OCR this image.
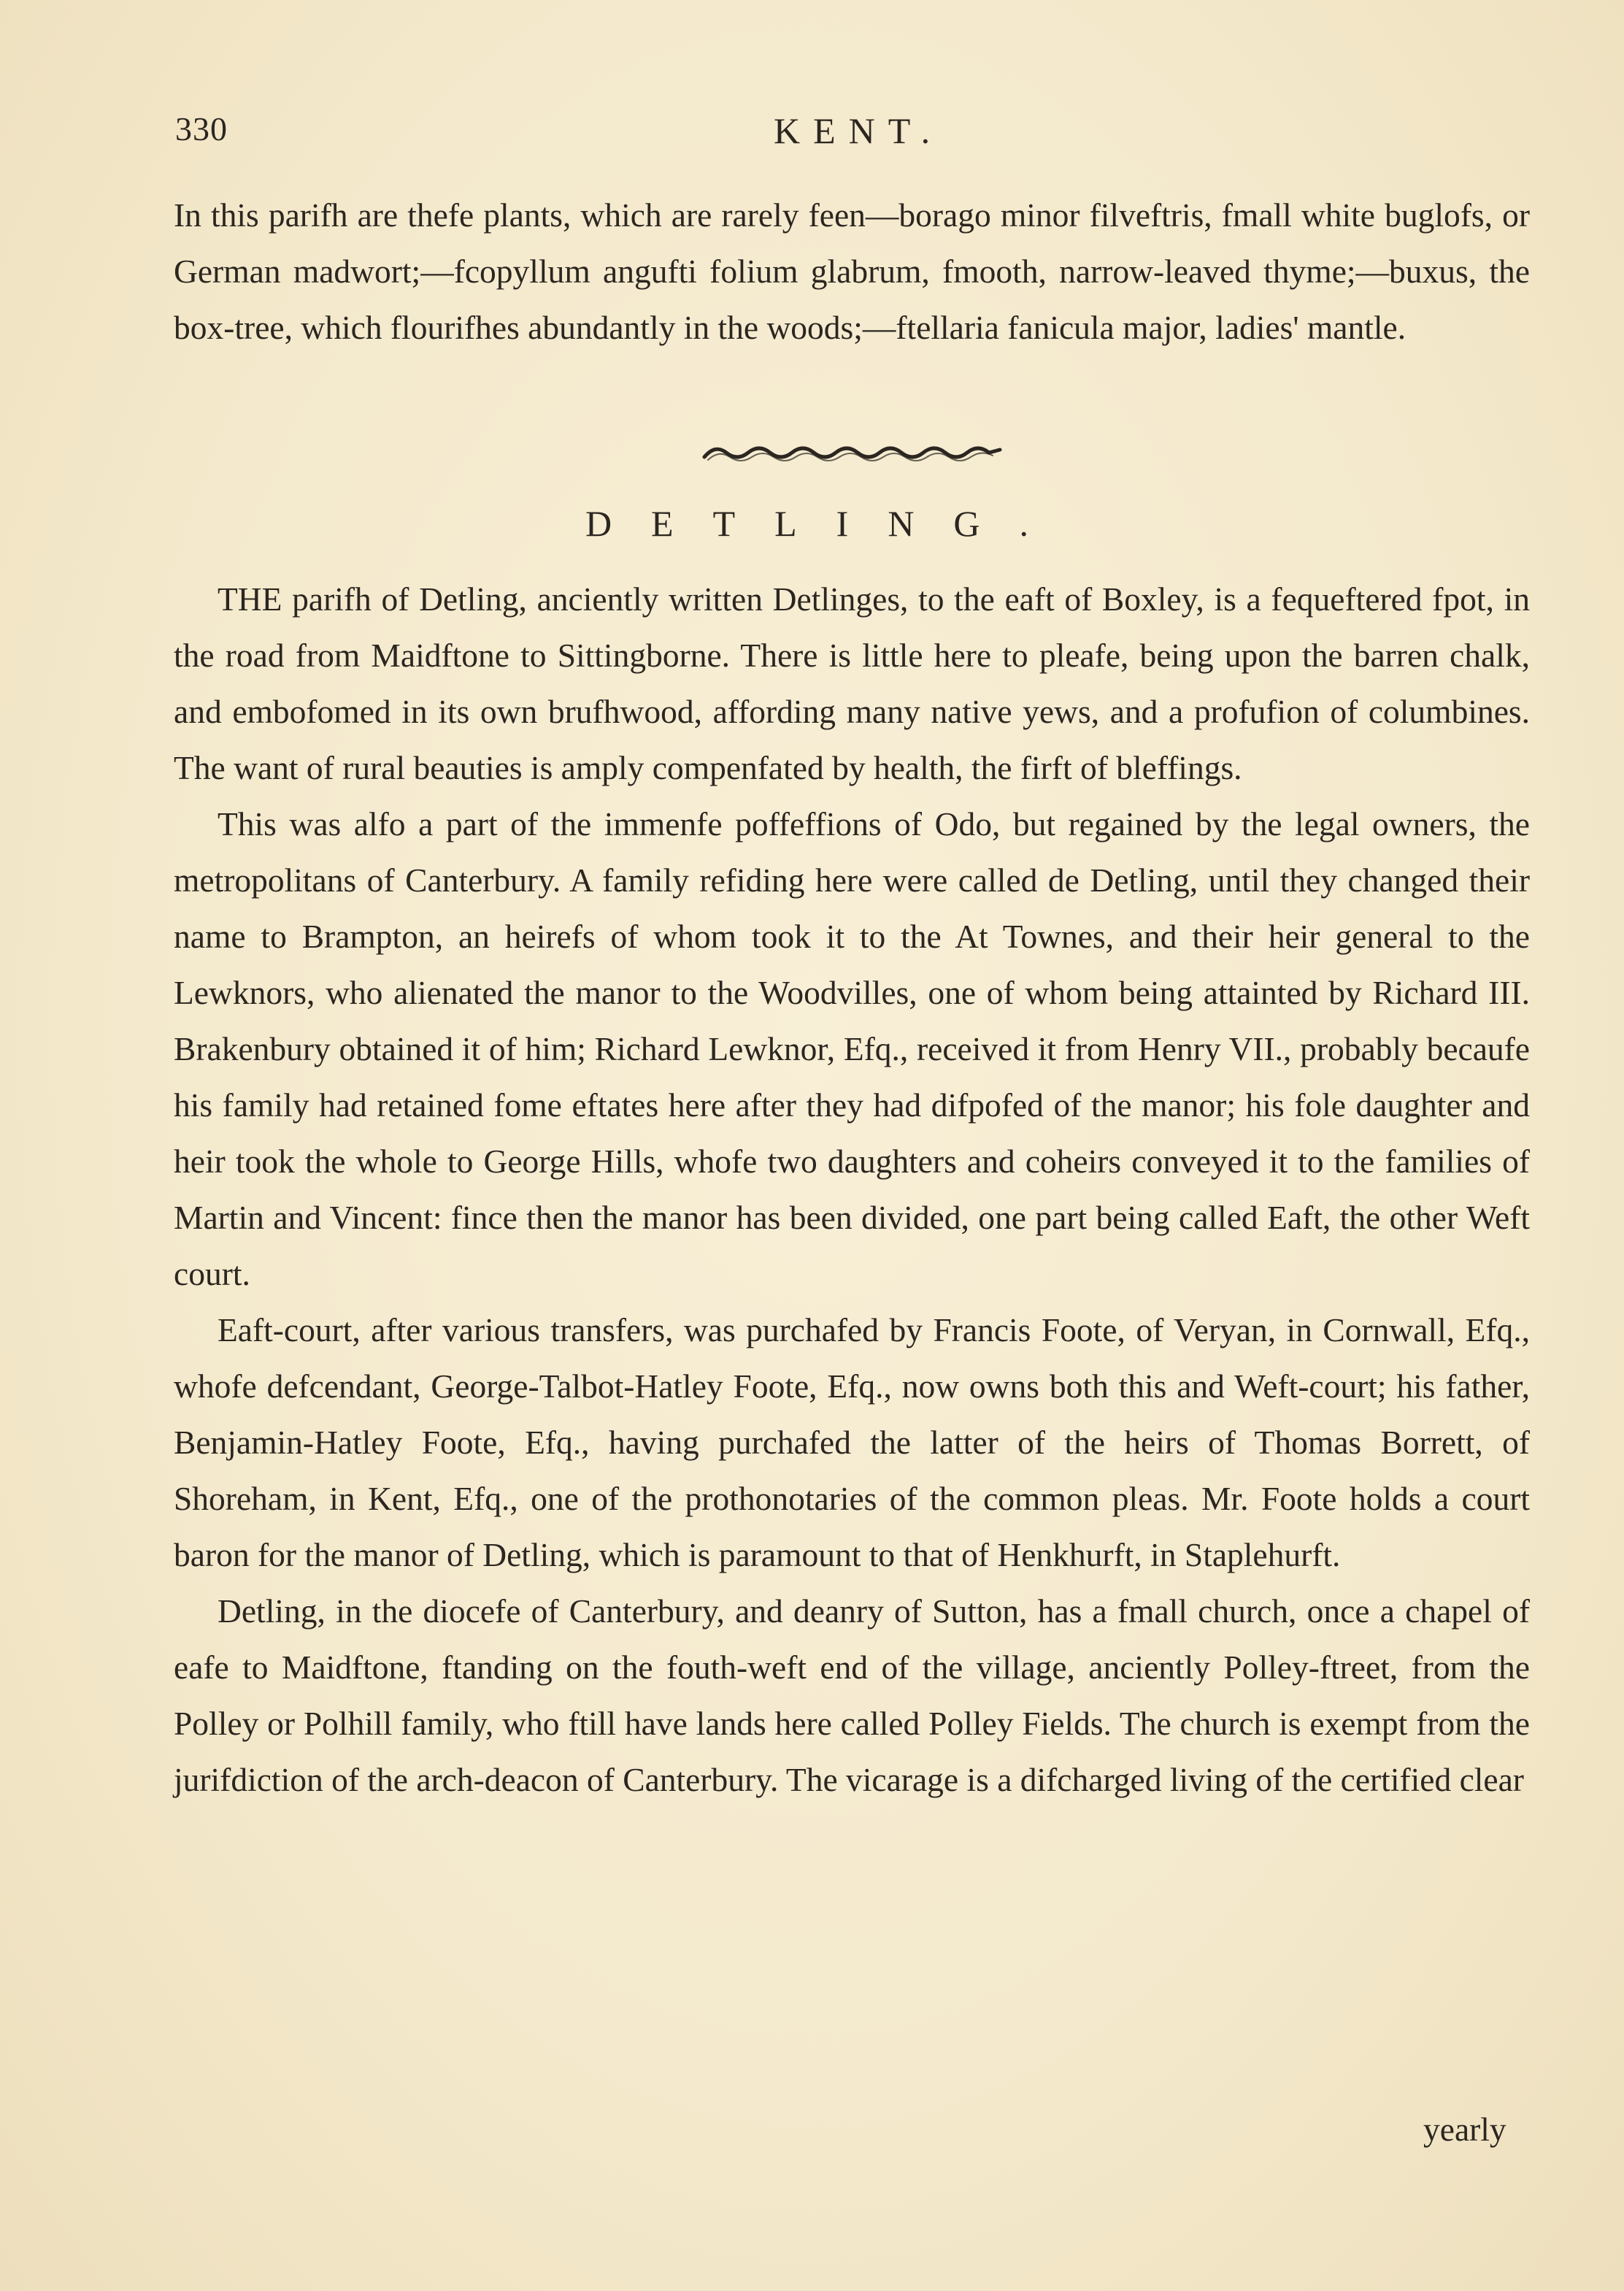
330	KENT.

In this parifh are thefe plants, which are rarely feen—borago minor filveftris, fmall white buglofs, or German madwort;—fcopyllum angufti folium glabrum, fmooth, narrow-leaved thyme;—buxus, the box-tree, which flourifhes abundantly in the woods;—ftellaria fanicula major, ladies' mantle.

DETLING.

THE parifh of Detling, anciently written Detlinges, to the eaft of Boxley, is a fequeftered fpot, in the road from Maidftone to Sittingborne. There is little here to pleafe, being upon the barren chalk, and embofomed in its own brufhwood, affording many native yews, and a profufion of columbines. The want of rural beauties is amply compenfated by health, the firft of bleffings.

This was alfo a part of the immenfe poffeffions of Odo, but regained by the legal owners, the metropolitans of Canterbury. A family refiding here were called de Detling, until they changed their name to Brampton, an heirefs of whom took it to the At Townes, and their heir general to the Lewknors, who alienated the manor to the Woodvilles, one of whom being attainted by Richard III. Brakenbury obtained it of him; Richard Lewknor, Efq., received it from Henry VII., probably becaufe his family had retained fome eftates here after they had difpofed of the manor; his fole daughter and heir took the whole to George Hills, whofe two daughters and coheirs conveyed it to the families of Martin and Vincent: fince then the manor has been divided, one part being called Eaft, the other Weft court.

Eaft-court, after various transfers, was purchafed by Francis Foote, of Veryan, in Cornwall, Efq., whofe defcendant, George-Talbot-Hatley Foote, Efq., now owns both this and Weft-court; his father, Benjamin-Hatley Foote, Efq., having purchafed the latter of the heirs of Thomas Borrett, of Shoreham, in Kent, Efq., one of the prothonotaries of the common pleas. Mr. Foote holds a court baron for the manor of Detling, which is paramount to that of Henkhurft, in Staplehurft.

Detling, in the diocefe of Canterbury, and deanry of Sutton, has a fmall church, once a chapel of eafe to Maidftone, ftanding on the fouth-weft end of the village, anciently Polley-ftreet, from the Polley or Polhill family, who ftill have lands here called Polley Fields. The church is exempt from the jurifdiction of the arch-deacon of Canterbury. The vicarage is a difcharged living of the certified clear

yearly
